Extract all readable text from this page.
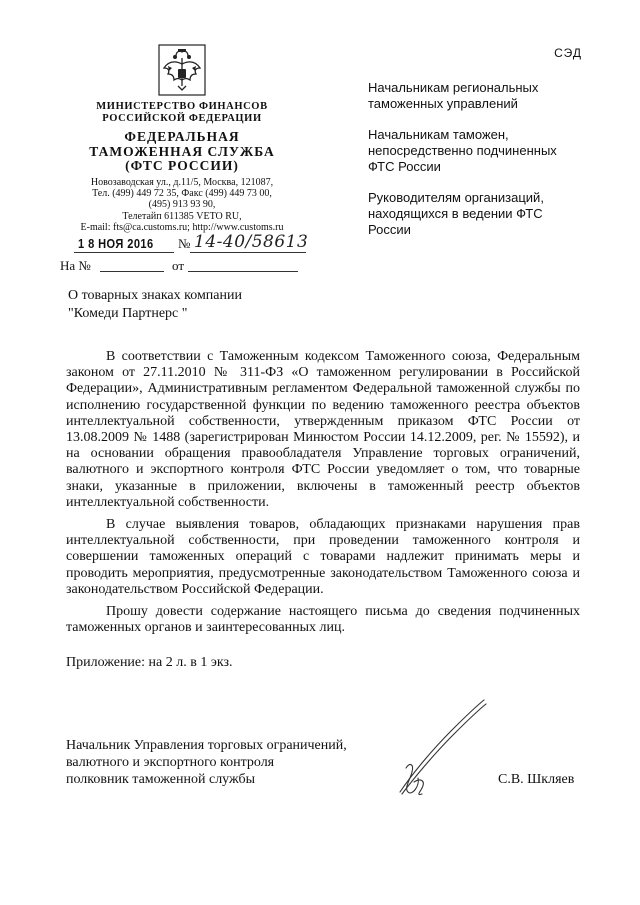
МИНИСТЕРСТВО ФИНАНСОВ
РОССИЙСКОЙ ФЕДЕРАЦИИ
ФЕДЕРАЛЬНАЯ
ТАМОЖЕННАЯ СЛУЖБА
(ФТС РОССИИ)
Новозаводская ул., д.11/5, Москва, 121087,
Тел. (499) 449 72 35, Факс (499) 449 73 00,
(495) 913 93 90,
Телетайп 611385 VETO RU,
E-mail: fts@ca.customs.ru; http://www.customs.ru
1 8 НОЯ 2016 № 14-40/58613
На №	от
О товарных знаках компании
"Комеди Партнерс "
СЭД
Начальникам региональных таможенных управлений
Начальникам таможен, непосредственно подчиненных ФТС России
Руководителям организаций, находящихся в ведении ФТС России

В соответствии с Таможенным кодексом Таможенного союза, Федеральным законом от 27.11.2010 № 311-ФЗ «О таможенном регулировании в Российской Федерации», Административным регламентом Федеральной таможенной службы по исполнению государственной функции по ведению таможенного реестра объектов интеллектуальной собственности, утвержденным приказом ФТС России от 13.08.2009 № 1488 (зарегистрирован Минюстом России 14.12.2009, рег. № 15592), и на основании обращения правообладателя Управление торговых ограничений, валютного и экспортного контроля ФТС России уведомляет о том, что товарные знаки, указанные в приложении, включены в таможенный реестр объектов интеллектуальной собственности.

В случае выявления товаров, обладающих признаками нарушения прав интеллектуальной собственности, при проведении таможенного контроля и совершении таможенных операций с товарами надлежит принимать меры и проводить мероприятия, предусмотренные законодательством Таможенного союза и законодательством Российской Федерации.

Прошу довести содержание настоящего письма до сведения подчиненных таможенных органов и заинтересованных лиц.

Приложение: на 2 л. в 1 экз.
Начальник Управления торговых ограничений,
валютного и экспортного контроля
полковник таможенной службы	С.В. Шкляев
